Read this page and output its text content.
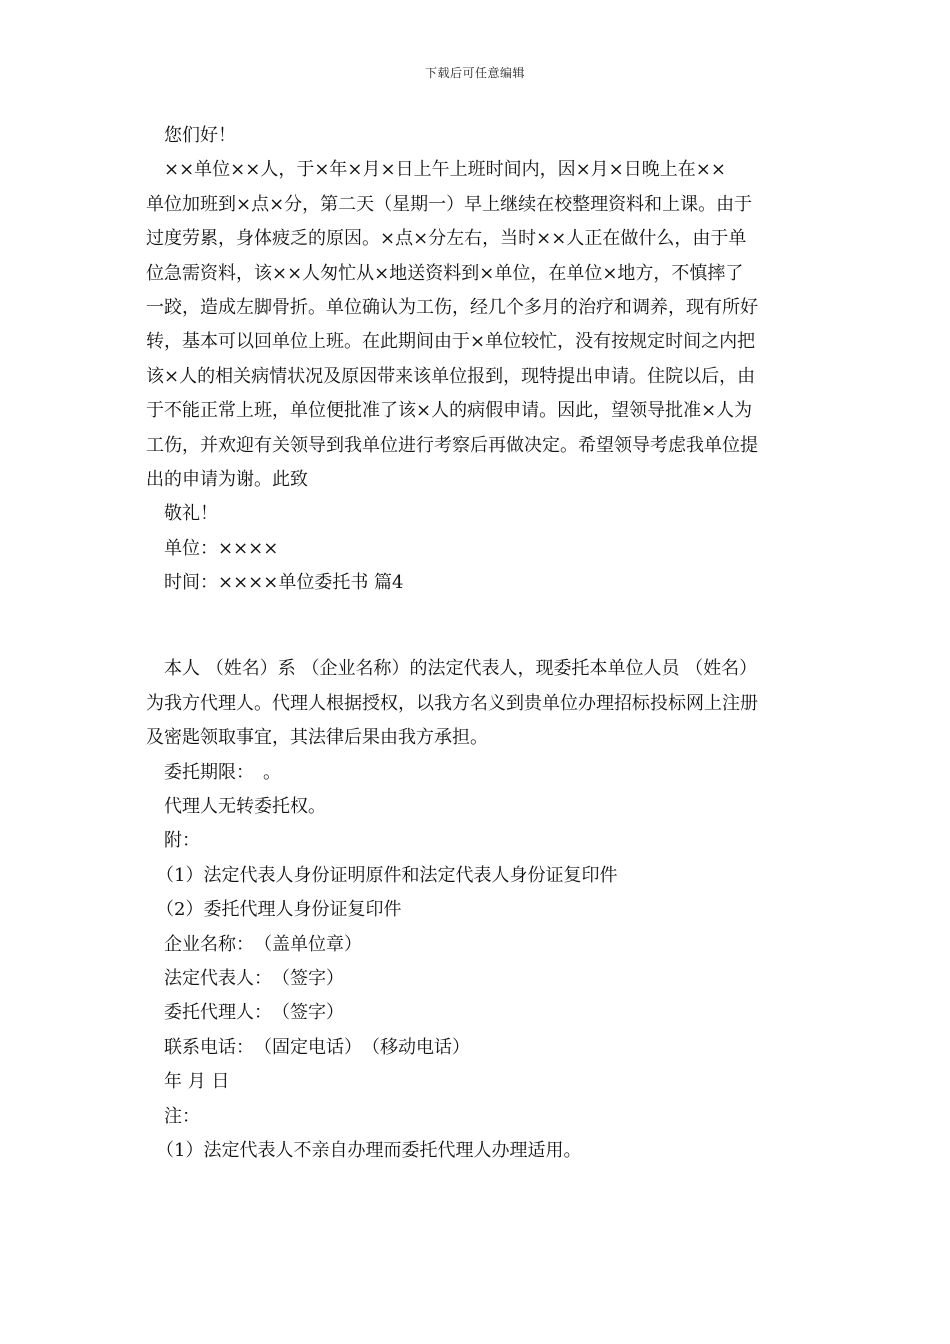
下载后可任意编辑
您们好！
××单位××人，于×年×月×日上午上班时间内，因×月×日晚上在××
单位加班到×点×分，第二天（星期一）早上继续在校整理资料和上课。由于
过度劳累，身体疲乏的原因。×点×分左右，当时××人正在做什么，由于单
位急需资料，该××人匆忙从×地送资料到×单位，在单位×地方，不慎摔了
一跤，造成左脚骨折。单位确认为工伤，经几个多月的治疗和调养，现有所好
转，基本可以回单位上班。在此期间由于×单位较忙，没有按规定时间之内把
该×人的相关病情状况及原因带来该单位报到，现特提出申请。住院以后，由
于不能正常上班，单位便批准了该×人的病假申请。因此，望领导批准×人为
工伤，并欢迎有关领导到我单位进行考察后再做决定。希望领导考虑我单位提
出的申请为谢。此致
敬礼！
单位：××××
时间：××××单位委托书 篇4
本人 （姓名）系 （企业名称）的法定代表人，现委托本单位人员 （姓名）
为我方代理人。代理人根据授权，以我方名义到贵单位办理招标投标网上注册
及密匙领取事宜，其法律后果由我方承担。
委托期限：　。
代理人无转委托权。
附：
（1）法定代表人身份证明原件和法定代表人身份证复印件
（2）委托代理人身份证复印件
企业名称：　（盖单位章）
法定代表人：　（签字）
委托代理人：　（签字）
联系电话：　（固定电话）　（移动电话）
年 月 日
注：
（1）法定代表人不亲自办理而委托代理人办理适用。
